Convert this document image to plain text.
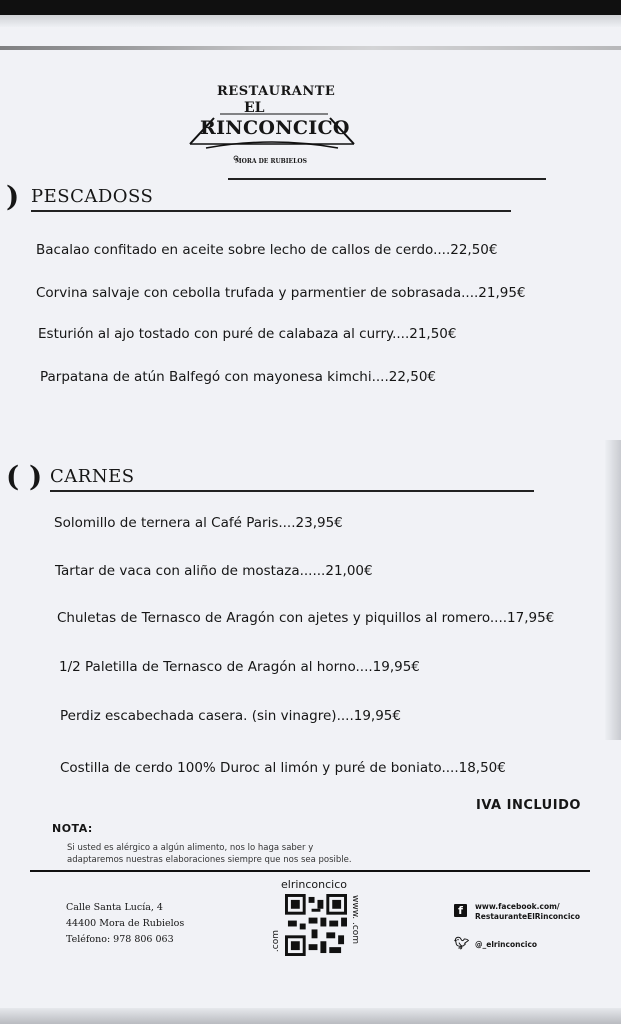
RESTAURANTE
EL
RINCONCICO
MORA DE RUBIELOS
) PESCADOSS
Bacalao confitado en aceite sobre lecho de callos de cerdo....22,50€
Corvina salvaje con cebolla trufada y parmentier de sobrasada....21,95€
Esturión al ajo tostado con puré de calabaza al curry....21,50€
Parpatana de atún Balfegó con mayonesa kimchi....22,50€
( ) CARNES
Solomillo de ternera al Café Paris....23,95€
Tartar de vaca con aliño de mostaza......21,00€
Chuletas de Ternasco de Aragón con ajetes y piquillos al romero....17,95€
1/2 Paletilla de Ternasco de Aragón al horno....19,95€
Perdiz escabechada casera. (sin vinagre)....19,95€
Costilla de cerdo 100% Duroc al limón y puré de boniato....18,50€
IVA INCLUIDO
NOTA:
Si usted es alérgico a algún alimento, nos lo haga saber y
adaptaremos nuestras elaboraciones siempre que nos sea posible.
Calle Santa Lucía, 4
44400 Mora de Rubielos
Teléfono: 978 806 063
elrinconcico
www. .com
.com
f	www.facebook.com/
RestauranteElRinconcico
🐦︎ @_elrinconcico
